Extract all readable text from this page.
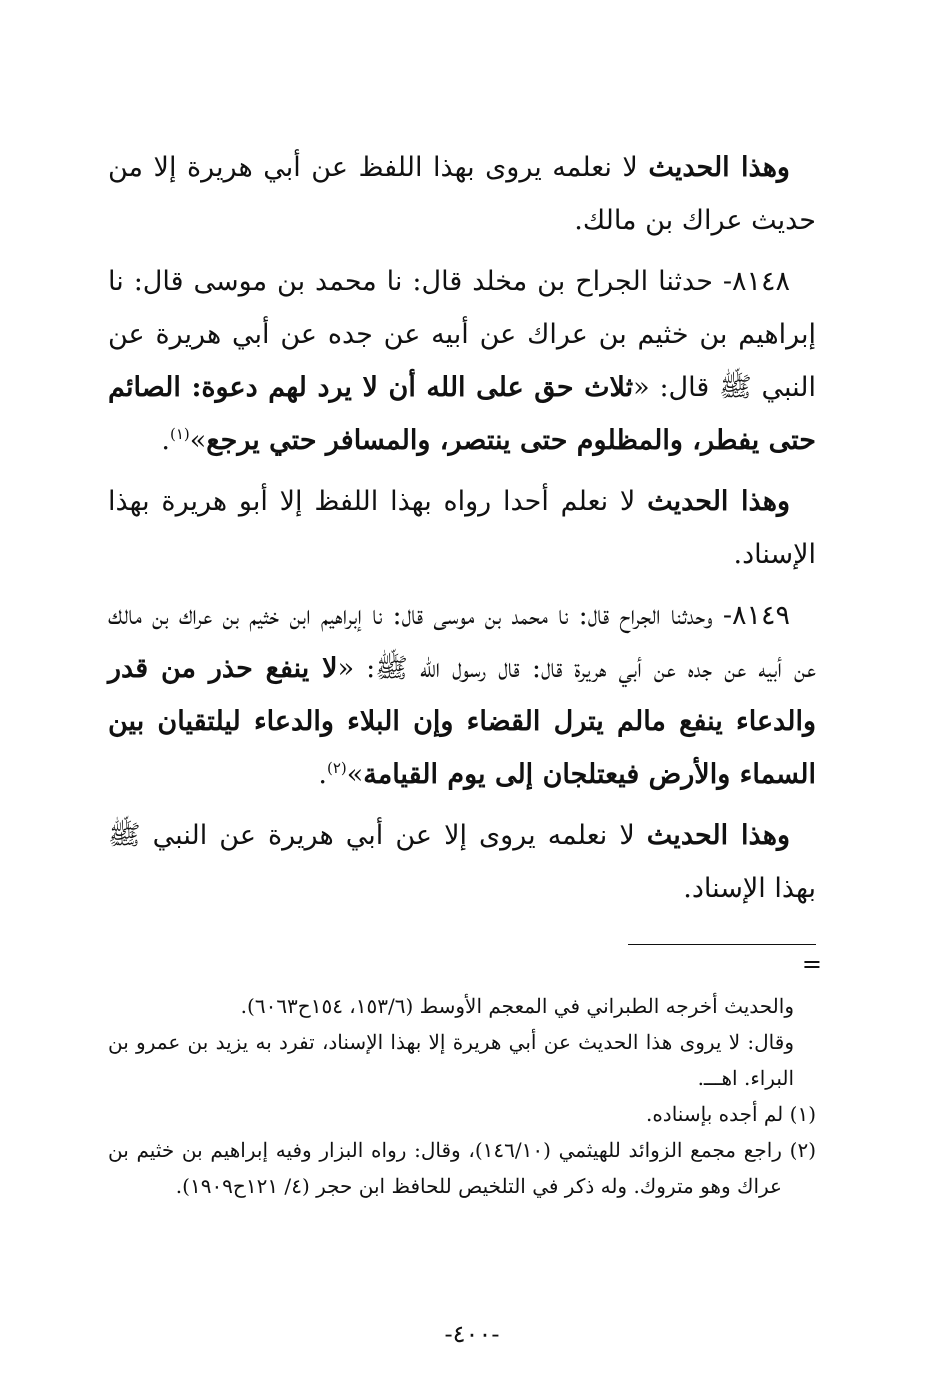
وهذا الحديث لا نعلمه يروى بهذا اللفظ عن أبي هريرة إلا من حديث عراك بن مالك.

٨١٤٨- حدثنا الجراح بن مخلد قال: نا محمد بن موسى قال: نا إبراهيم بن خثيم بن عراك عن أبيه عن جده عن أبي هريرة عن النبي ﷺ قال: «ثلاث حق على الله أن لا يرد لهم دعوة: الصائم حتى يفطر، والمظلوم حتى ينتصر، والمسافر حتي يرجع»$^{(١)}$.

وهذا الحديث لا نعلم أحدا رواه بهذا اللفظ إلا أبو هريرة بهذا الإسناد.

٨١٤٩- وحدثنا الجراح قال: نا محمد بن موسى قال: نا إبراهيم ابن خثيم بن عراك بن مالك عن أبيه عن جده عن أبي هريرة قال: قال رسول الله ﷺ: «لا ينفع حذر من قدر والدعاء ينفع مالم يترل القضاء وإن البلاء والدعاء ليلتقيان بين السماء والأرض فيعتلجان إلى يوم القيامة»$^{(٢)}$.

وهذا الحديث لا نعلمه يروى إلا عن أبي هريرة عن النبي ﷺ بهذا الإسناد.

=

والحديث أخرجه الطبراني في المعجم الأوسط (١٥٣/٦، ١٥٤ح٦٠٦٣).

وقال: لا يروى هذا الحديث عن أبي هريرة إلا بهذا الإسناد، تفرد به يزيد بن عمرو بن البراء. اهـــ.

(١) لم أجده بإسناده.

(٢) راجع مجمع الزوائد للهيثمي (١٤٦/١٠)، وقال: رواه البزار وفيه إبراهيم بن خثيم بن عراك وهو متروك. وله ذكر في التلخيص للحافظ ابن حجر (٤/ ١٢١ح١٩٠٩).

-٤٠٠-
